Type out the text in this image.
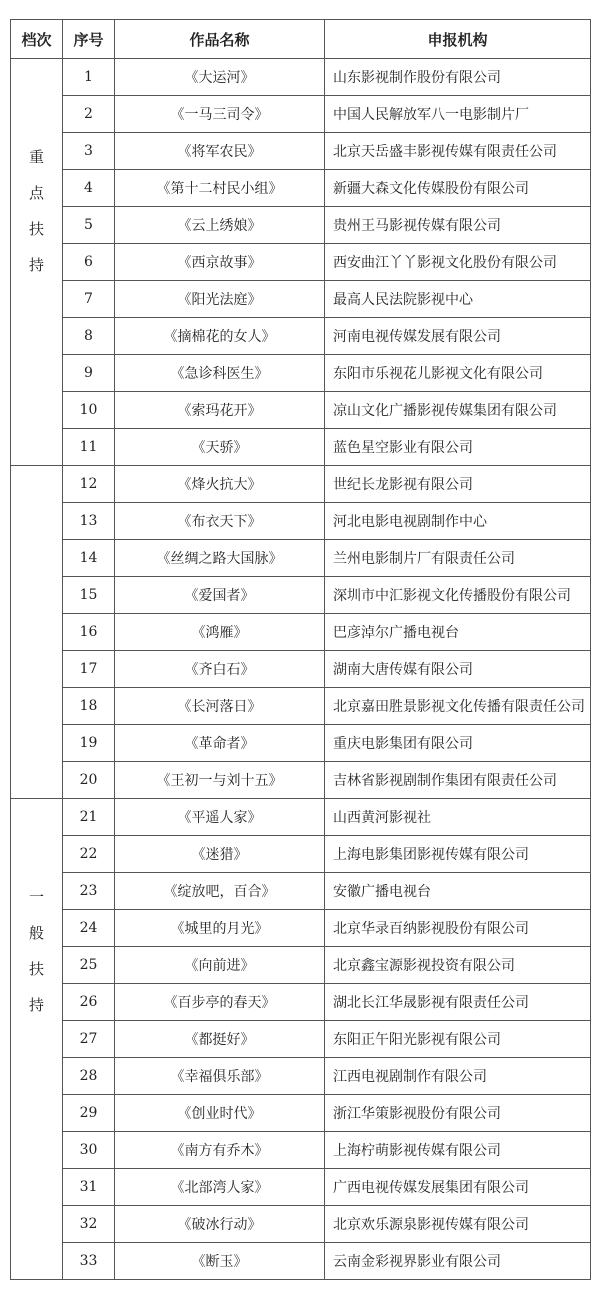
档次	序号	作品名称	申报机构

重
点
扶
持	1	《大运河》	山东影视制作股份有限公司
	2	《一马三司令》	中国人民解放军八一电影制片厂
	3	《将军农民》	北京天岳盛丰影视传媒有限责任公司
	4	《第十二村民小组》	新疆大森文化传媒股份有限公司
	5	《云上绣娘》	贵州王马影视传媒有限公司
	6	《西京故事》	西安曲江丫丫影视文化股份有限公司
	7	《阳光法庭》	最高人民法院影视中心
	8	《摘棉花的女人》	河南电视传媒发展有限公司
	9	《急诊科医生》	东阳市乐视花儿影视文化有限公司
	10	《索玛花开》	凉山文化广播影视传媒集团有限公司
	11	《天骄》	蓝色星空影业有限公司
	12	《烽火抗大》	世纪长龙影视有限公司
	13	《布衣天下》	河北电影电视剧制作中心
	14	《丝绸之路大国脉》	兰州电影制片厂有限责任公司
	15	《爱国者》	深圳市中汇影视文化传播股份有限公司
	16	《鸿雁》	巴彦淖尔广播电视台
	17	《齐白石》	湖南大唐传媒有限公司
	18	《长河落日》	北京嘉田胜景影视文化传播有限责任公司
	19	《革命者》	重庆电影集团有限公司
	20	《王初一与刘十五》	吉林省影视剧制作集团有限责任公司

一
般
扶
持	21	《平遥人家》	山西黄河影视社
	22	《迷猎》	上海电影集团影视传媒有限公司
	23	《绽放吧，百合》	安徽广播电视台
	24	《城里的月光》	北京华录百纳影视股份有限公司
	25	《向前进》	北京鑫宝源影视投资有限公司
	26	《百步亭的春天》	湖北长江华晟影视有限责任公司
	27	《都挺好》	东阳正午阳光影视有限公司
	28	《幸福俱乐部》	江西电视剧制作有限公司
	29	《创业时代》	浙江华策影视股份有限公司
	30	《南方有乔木》	上海柠萌影视传媒有限公司
	31	《北部湾人家》	广西电视传媒发展集团有限公司
	32	《破冰行动》	北京欢乐源泉影视传媒有限公司
	33	《断玉》	云南金彩视界影业有限公司
